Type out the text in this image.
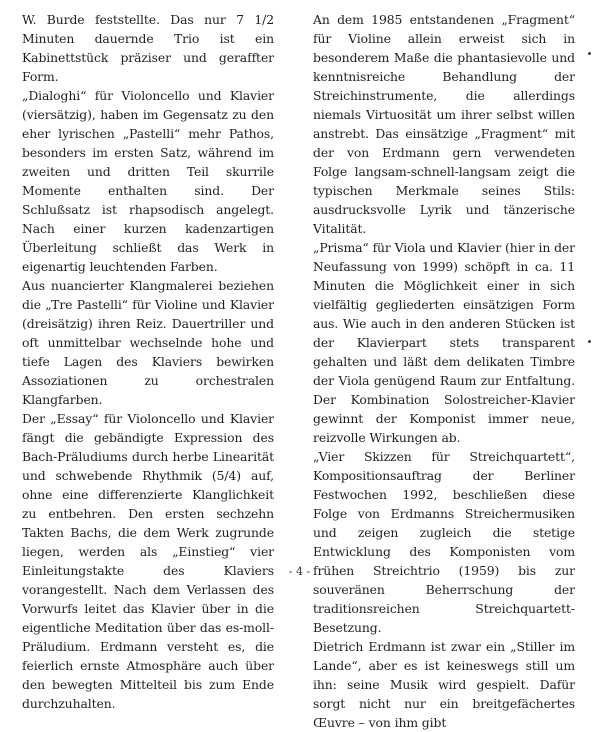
W. Burde feststellte. Das nur 7 1/2 Minuten dauernde Trio ist ein Kabinettstück präziser und geraffter Form.

„Dialoghi“ für Violoncello und Klavier (viersätzig), haben im Gegensatz zu den eher lyrischen „Pastelli“ mehr Pathos, besonders im ersten Satz, während im zweiten und dritten Teil skurrile Momente enthalten sind. Der Schlußsatz ist rhapsodisch angelegt. Nach einer kurzen kadenzartigen Überleitung schließt das Werk in eigenartig leuchtenden Farben.

Aus nuancierter Klangmalerei beziehen die „Tre Pastelli“ für Violine und Klavier (dreisätzig) ihren Reiz. Dauertriller und oft unmittelbar wechselnde hohe und tiefe Lagen des Klaviers bewirken Assoziationen zu orchestralen Klangfarben.

Der „Essay“ für Violoncello und Klavier fängt die gebändigte Expression des Bach-Präludiums durch herbe Linearität und schwebende Rhythmik (5/4) auf, ohne eine differenzierte Klanglichkeit zu entbehren. Den ersten sechzehn Takten Bachs, die dem Werk zugrunde liegen, werden als „Einstieg“ vier Einleitungstakte des Klaviers vorangestellt. Nach dem Verlassen des Vorwurfs leitet das Klavier über in die eigentliche Meditation über das es-moll-Präludium. Erdmann versteht es, die feierlich ernste Atmosphäre auch über den bewegten Mittelteil bis zum Ende durchzuhalten.

An dem 1985 entstandenen „Fragment“ für Violine allein erweist sich in besonderem Maße die phantasievolle und kenntnisreiche Behandlung der Streichinstrumente, die allerdings niemals Virtuosität um ihrer selbst willen anstrebt. Das einsätzige „Fragment“ mit der von Erdmann gern verwendeten Folge langsam-schnell-langsam zeigt die typischen Merkmale seines Stils: ausdrucksvolle Lyrik und tänzerische Vitalität.

„Prisma“ für Viola und Klavier (hier in der Neufassung von 1999) schöpft in ca. 11 Minuten die Möglichkeit einer in sich vielfältig gegliederten einsätzigen Form aus. Wie auch in den anderen Stücken ist der Klavierpart stets transparent gehalten und läßt dem delikaten Timbre der Viola genügend Raum zur Entfaltung. Der Kombination Solostreicher-Klavier gewinnt der Komponist immer neue, reizvolle Wirkungen ab.

„Vier Skizzen für Streichquartett“, Kompositionsauftrag der Berliner Festwochen 1992, beschließen diese Folge von Erdmanns Streichermusiken und zeigen zugleich die stetige Entwicklung des Komponisten vom frühen Streichtrio (1959) bis zur souveränen Beherrschung der traditionsreichen Streichquartett-Besetzung.

Dietrich Erdmann ist zwar ein „Stiller im Lande“, aber es ist keineswegs still um ihn: seine Musik wird gespielt. Dafür sorgt nicht nur ein breitgefächertes Œuvre – von ihm gibt

- 4 -
